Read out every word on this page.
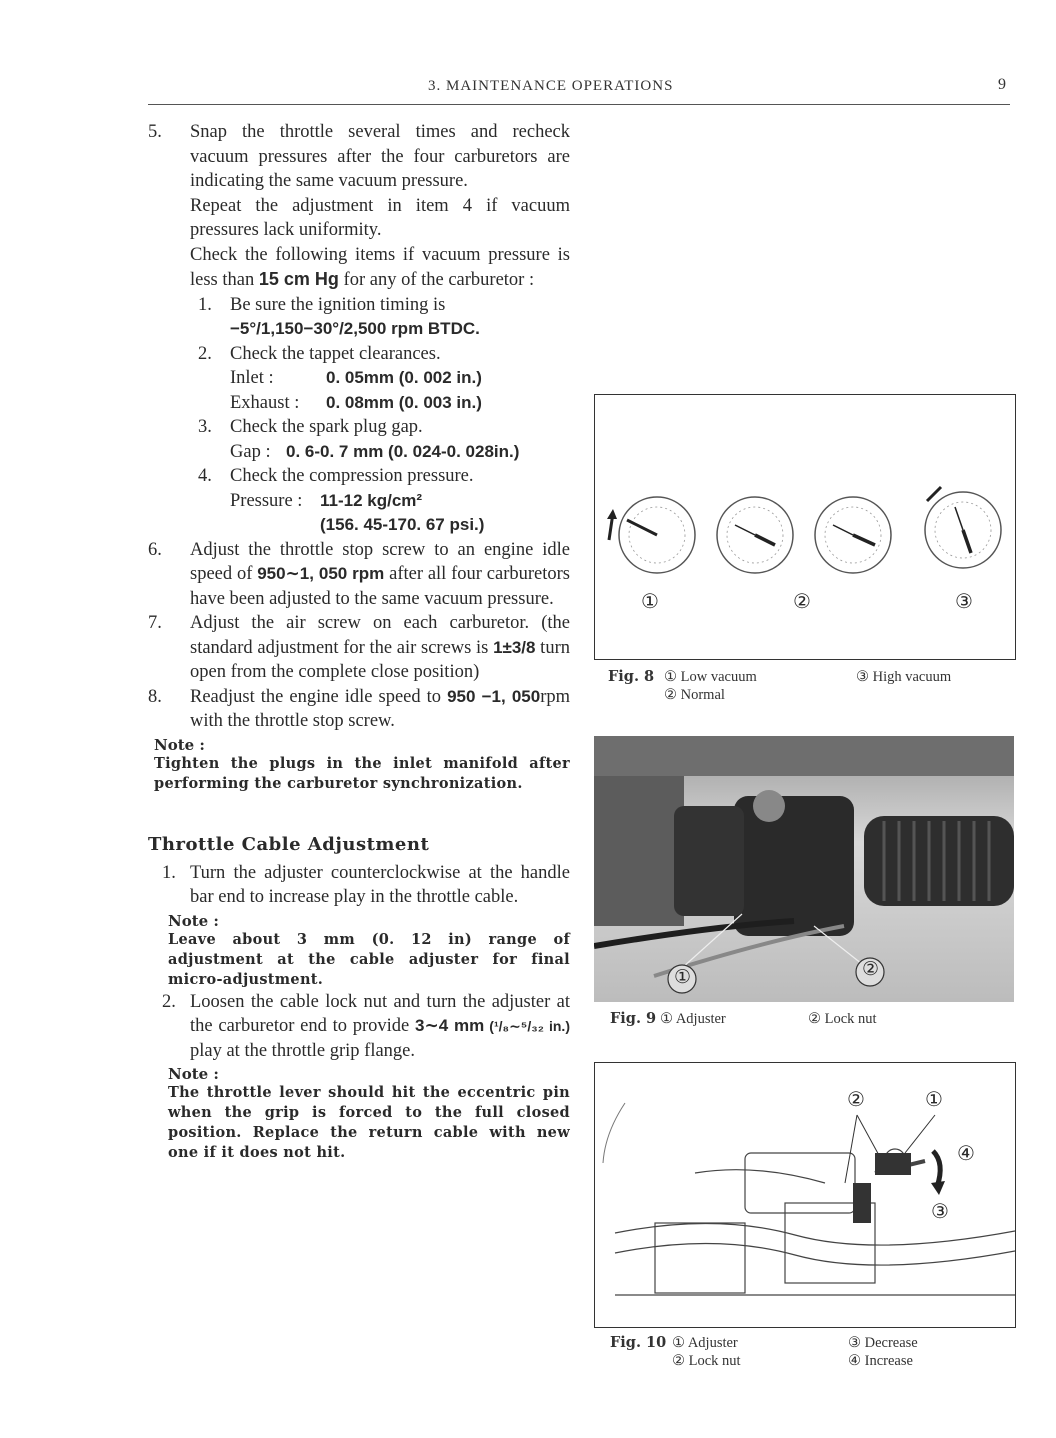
3. MAINTENANCE OPERATIONS	9
5. Snap the throttle several times and recheck vacuum pressures after the four carburetors are indicating the same vacuum pressure.
Repeat the adjustment in item 4 if vacuum pressures lack uniformity.
Check the following items if vacuum pressure is less than 15 cm Hg for any of the carburetor :
1. Be sure the ignition timing is
−5°/1,150−30°/2,500 rpm BTDC.
2. Check the tappet clearances.
Inlet :	0. 05mm (0. 002 in.)
Exhaust : 0. 08mm (0. 003 in.)
3. Check the spark plug gap.
Gap : 0. 6-0. 7 mm (0. 024-0. 028in.)
4. Check the compression pressure.
Pressure : 11-12 kg/cm²
(156. 45-170. 67 psi.)
6. Adjust the throttle stop screw to an engine idle speed of 950∼1, 050 rpm after all four carburetors have been adjusted to the same vacuum pressure.
7. Adjust the air screw on each carburetor. (the standard adjustment for the air screws is 1±3/8 turn open from the complete close position)
8. Readjust the engine idle speed to 950 −1, 050rpm with the throttle stop screw.
Note :
Tighten the plugs in the inlet manifold after performing the carburetor synchronization.
Throttle Cable Adjustment
1. Turn the adjuster counterclockwise at the handle bar end to increase play in the throttle cable.
Note :
Leave about 3 mm (0. 12 in) range of adjustment at the cable adjuster for final micro-adjustment.
2. Loosen the cable lock nut and turn the adjuster at the carburetor end to provide 3∼4 mm (¹/₈∼⁵/₃₂ in.) play at the throttle grip flange.
Note :
The throttle lever should hit the eccentric pin when the grip is forced to the full closed position. Replace the return cable with new one if it does not hit.
①	②	③
Fig. 8 ① Low vacuum	③ High vacuum
② Normal
①	②
Fig. 9 ① Adjuster	② Lock nut
②	①
④
③
Fig. 10 ① Adjuster	③ Decrease
② Lock nut	④ Increase
